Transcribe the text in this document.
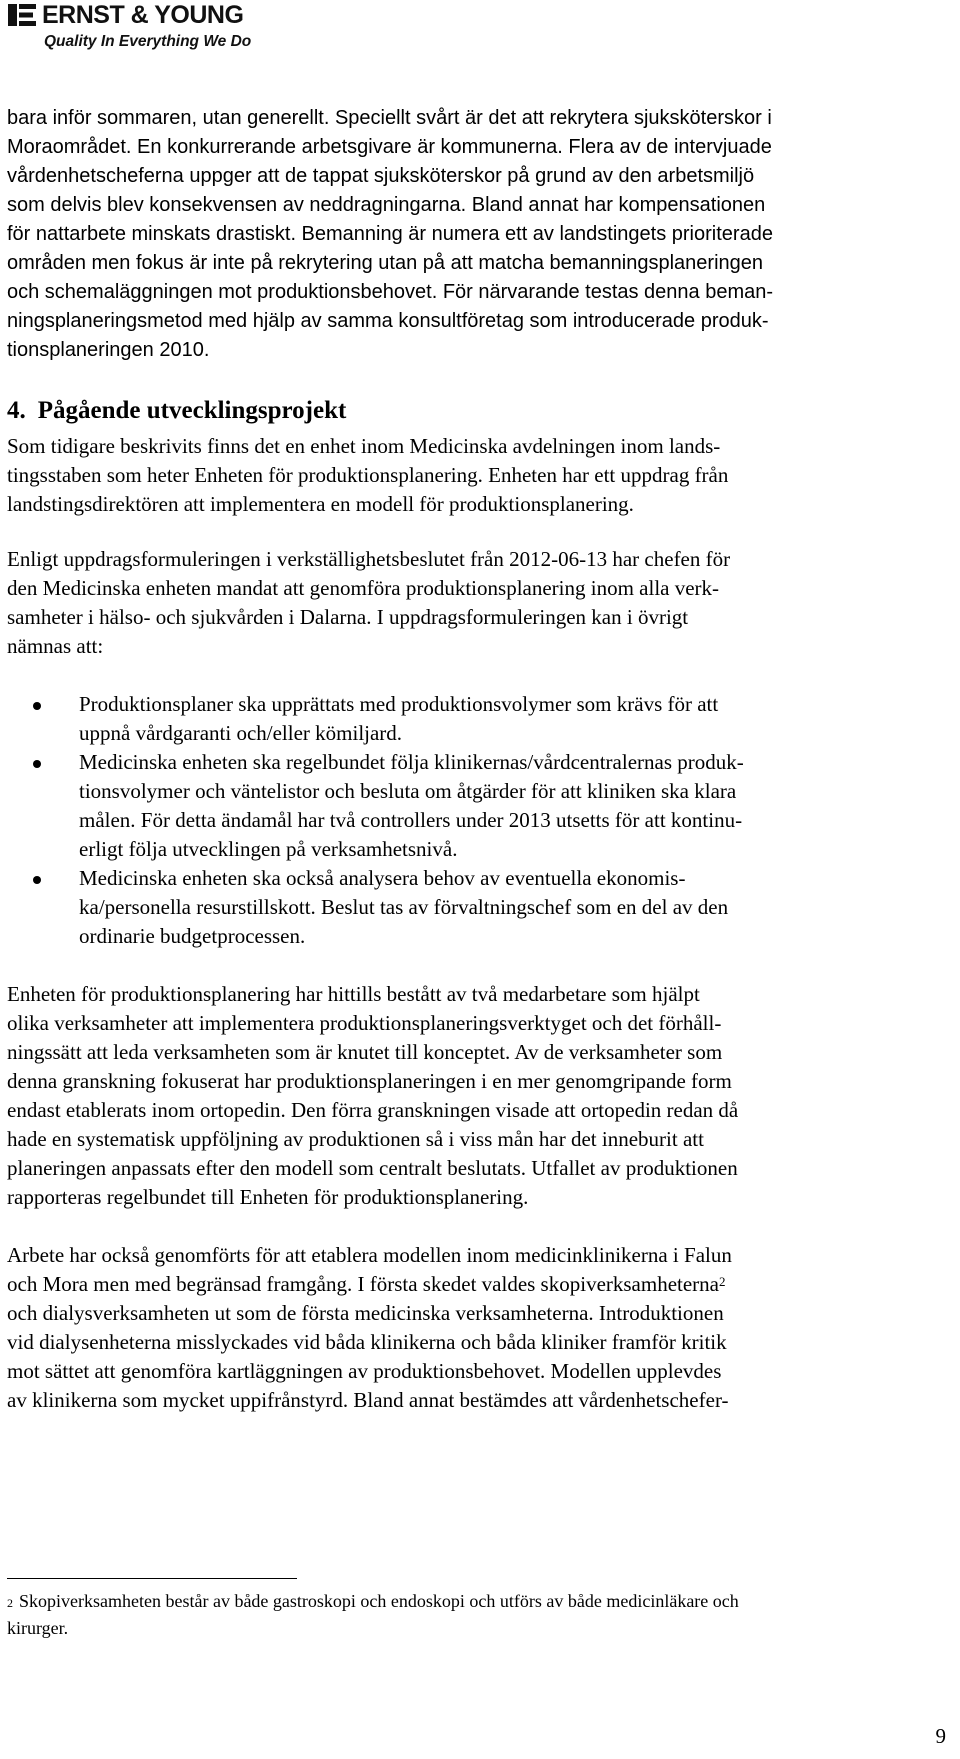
ERNST & YOUNG
Quality In Everything We Do
bara inför sommaren, utan generellt. Speciellt svårt är det att rekrytera sjuksköterskor i
Moraområdet. En konkurrerande arbetsgivare är kommunerna. Flera av de intervjuade
vårdenhetscheferna uppger att de tappat sjuksköterskor på grund av den arbetsmiljö
som delvis blev konsekvensen av neddragningarna. Bland annat har kompensationen
för nattarbete minskats drastiskt. Bemanning är numera ett av landstingets prioriterade
områden men fokus är inte på rekrytering utan på att matcha bemanningsplaneringen
och schemaläggningen mot produktionsbehovet. För närvarande testas denna beman-
ningsplaneringsmetod med hjälp av samma konsultföretag som introducerade produk-
tionsplaneringen 2010.
4. Pågående utvecklingsprojekt
Som tidigare beskrivits finns det en enhet inom Medicinska avdelningen inom lands-
tingsstaben som heter Enheten för produktionsplanering. Enheten har ett uppdrag från
landstingsdirektören att implementera en modell för produktionsplanering.
Enligt uppdragsformuleringen i verkställighetsbeslutet från 2012-06-13 har chefen för
den Medicinska enheten mandat att genomföra produktionsplanering inom alla verk-
samheter i hälso- och sjukvården i Dalarna. I uppdragsformuleringen kan i övrigt
nämnas att:
Produktionsplaner ska upprättats med produktionsvolymer som krävs för att
uppnå vårdgaranti och/eller kömiljard.
Medicinska enheten ska regelbundet följa klinikernas/vårdcentralernas produk-
tionsvolymer och väntelistor och besluta om åtgärder för att kliniken ska klara
målen. För detta ändamål har två controllers under 2013 utsetts för att kontinu-
erligt följa utvecklingen på verksamhetsnivå.
Medicinska enheten ska också analysera behov av eventuella ekonomis-
ka/personella resurstillskott. Beslut tas av förvaltningschef som en del av den
ordinarie budgetprocessen.
Enheten för produktionsplanering har hittills bestått av två medarbetare som hjälpt
olika verksamheter att implementera produktionsplaneringsverktyget och det förhåll-
ningssätt att leda verksamheten som är knutet till konceptet. Av de verksamheter som
denna granskning fokuserat har produktionsplaneringen i en mer genomgripande form
endast etablerats inom ortopedin. Den förra granskningen visade att ortopedin redan då
hade en systematisk uppföljning av produktionen så i viss mån har det inneburit att
planeringen anpassats efter den modell som centralt beslutats. Utfallet av produktionen
rapporteras regelbundet till Enheten för produktionsplanering.
Arbete har också genomförts för att etablera modellen inom medicinklinikerna i Falun
och Mora men med begränsad framgång. I första skedet valdes skopiverksamheterna$^2$
och dialysverksamheten ut som de första medicinska verksamheterna. Introduktionen
vid dialysenheterna misslyckades vid båda klinikerna och båda kliniker framför kritik
mot sättet att genomföra kartläggningen av produktionsbehovet. Modellen upplevdes
av klinikerna som mycket uppifrånstyrd. Bland annat bestämdes att vårdenhetschefer-
$^2$ Skopiverksamheten består av både gastroskopi och endoskopi och utförs av både medicinläkare och
kirurger.
9
